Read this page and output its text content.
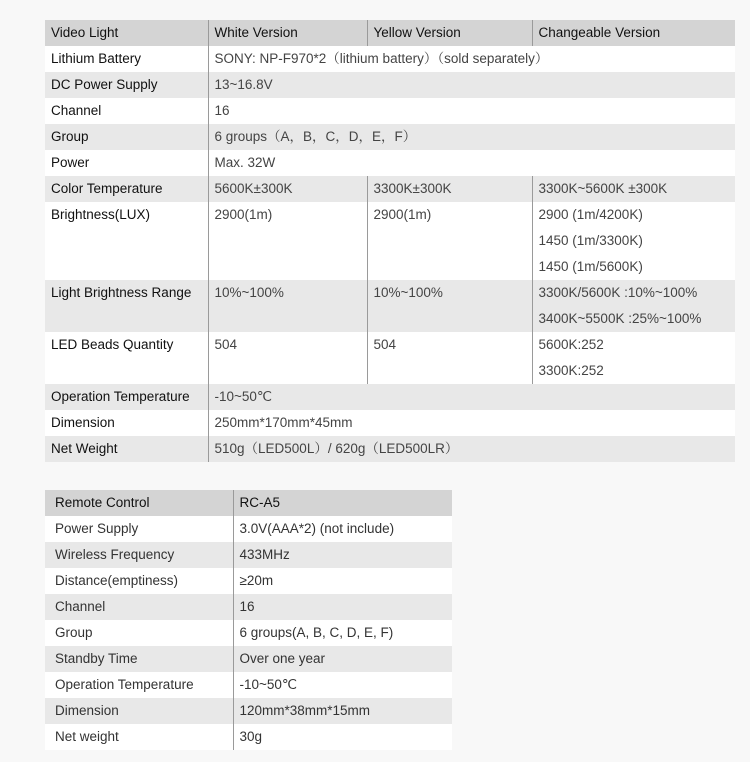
Video Light	White Version	Yellow Version	Changeable Version
Lithium Battery	SONY: NP-F970*2（lithium battery）（sold separately）		
DC Power Supply	13~16.8V		
Channel	16		
Group	6 groups（A，B，C，D，E，F）		
Power	Max. 32W		
Color Temperature	5600K±300K	3300K±300K	3300K~5600K ±300K
Brightness(LUX)	2900(1m)	2900(1m)	2900 (1m/4200K)
1450 (1m/3300K)
1450 (1m/5600K)

Light Brightness Range	10%~100%	10%~100%	3300K/5600K :10%~100%
3400K~5500K :25%~100%

LED Beads Quantity	504	504	5600K:252
3300K:252

Operation Temperature	-10~50℃		
Dimension	250mm*170mm*45mm		
Net Weight	510g（LED500L）/ 620g（LED500LR）		
Remote Control	RC-A5
Power Supply	3.0V(AAA*2) (not include)
Wireless Frequency	433MHz
Distance(emptiness)	≥20m
Channel	16
Group	6 groups(A, B, C, D, E, F)
Standby Time	Over one year
Operation Temperature	-10~50℃
Dimension	120mm*38mm*15mm
Net weight	30g
